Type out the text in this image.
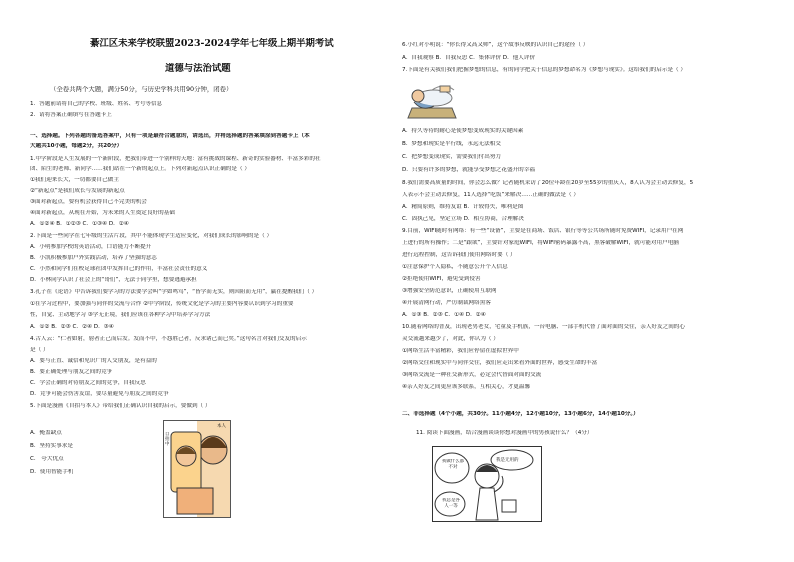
綦江区未来学校联盟2023-2024学年七年级上期半期考试
道德与法治试题
（全卷共两个大题，满分50分，与历史学科共用90分钟，闭卷）
1．答题前请将自己的学校、班级、姓名、考号等信息
2．请将答案正确填写在答题卡上
一、选择题。下列各题的备选答案中，只有一项是最符合题意的，请选出，并将选择题的答案填涂到答题卡上（本
大题共10小题，每题2分，共20分）
1.中学阶段是人生发展的一个新阶段，把我们带进一个别样的天地：富有挑战的课程、新奇的实验器材、丰富多彩的社
团、陌生的老师、新同学……我们站在一个新的起点上。下列对新起点认识正确的是（ ）
①我们迎来长大，一切都要自己做主
②“新起点”是我们成长与发展的新起点
③面对新起点，要有机会获得自己不完美的机会
④面对新起点，从现在开始，为未来的人生奠定良好的基础
A．①②④ B．①②③ C．①③④ D．②④
2.下面是一些同学在七年级的生活片段，其中不能体现学生适应变化，对我们成长的影响的是（ ）
A．小明参加学校的英语活动，口语能力不断提升
B．小凯积极参加户外实践活动，培养了坚强的意志
C．小然和同学们在校足球社团中发挥自己的作用，丰富社会责任的意义
D．小林同学认识了社会上的“哥们”，无法于同学里，想要逃避承担
3.孔子在《论语》中告诉我们要学习的方法要学会叫“学如鸣笃”，“皆学而无实，则因阻而无用”，赢在提醒我们（ ）
①在学习过程中，要加强与同伴的交流与合作 ②中学阶段，传统文化是学习的主要内容要认识到学习的重要
性，自觉、主动地学习 ③学无止境，我们应该在各种学习中培养学习方法
A．①② B．②③ C．②④ D．③④
4.古人云：“仁者如射，射者正己而后发。发而不中，不怨胜己者，反求诸己而已矣。”这句名言对我们交友的启示
是（ ）
A．要与正直、诚信和见识广的人交朋友，是有益的
B．要正确处理与朋友之间的竞争
C．学会正确的对待朋友之间的竞争，自我反思
D．竞争可能会伤害友谊，要尽量避免与朋友之间的竞争
5.下面是漫画《自拍与本人》带给我们正确认识自我的启示，要做到（ ）
A．掩盖缺点
B．坚持实事求是
C． 夸大优点
D．使用智能手机
自拍中
本人
6.小红对小明说：“你长得又高又帅”，这个故事反映的认识自己的途径（ ）
A．自我观察 B．自我反思 C．集体评价 D．他人评价
7.下面是有关我们我们把握梦想的信息，有的同学把关于信息的梦想命名为《梦想与现实》。这给我们的启示是（ ）
A．持久等待的耐心是使梦想变成现实的关键因素
B．梦想和现实是平行线，永远无法相交
C．把梦想变成现实，需要我们付出努力
D．只要有许多的梦想，就能享受梦想之花盛开的幸福
8.我们需要高质量的时间，你会怎么做？记者随机采访了20位年龄在20岁至55岁的重庆人，8人认为会主动去修复，5
人表示不会主动去修复，11人选择“吃饭”来解决……正确的做法是（ ）
A．精简原则，维持友谊 B．计较得失，唯利是图
C．固执己见，坚定立场 D．相互协商，合理解决
9.目前，WIFI随时有网络：有一些“设备”，主要是在商场、饭店、银行等等公共场所随时免费WIFI，记录用户在网
上进行的所有操作；二是“跟欲”，主要针对家庭WIFI，将WIFI密码暴露不高，黑客破解WIFI，就可能对用户电脑
进行远程控制，这告诉我们使用网络时要（ ）
①注意保护个人隐私，不随意公开个人信息
②拒绝使用WIFI，避免受到侵害
③增强安全防范意识，正确使用互联网
④开展清网行动，严厉制裁网络黑客
A．①③ B．②③ C．①④ D．②④
10.随着网络的普及，出现老男老女，宅童及手机族，一台电脑、一部手机代替了面对面的交往，亲人好友之间的心
灵交流越来越少了，对此，你认为（ ）
①网络生活丰富精彩，我们应停留在虚拟世界中
②网络交往和现实中与同伴交往，我们应走出来看外面的世界，感受生命的丰富
③网络交流是一种社交新形式，必定会代替面对面的交流
④亲人好友之间更应该多联系，互相关心，才更温馨
二、非选择题（4个小题，共30分。11小题4分，12小题10分，13小题6分，14小题10分。）
11. 阅读下面漫画，结合漫画谈谈你想对漫画中的男孩说什么？（4分）
我做什么都不对
我是无用的
我总是各人一等
